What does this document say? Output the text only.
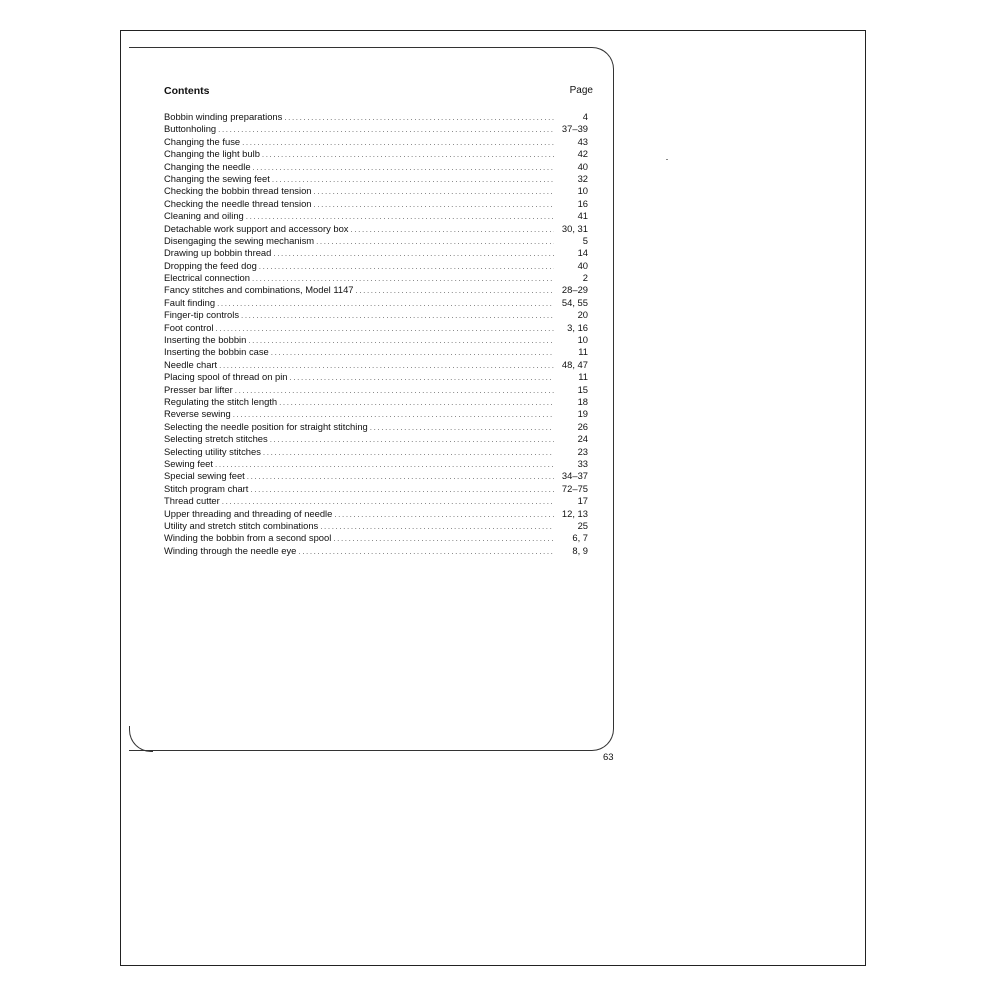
Contents	Page
Bobbin winding preparations .....	4
Buttonholing .....	37–39
Changing the fuse .....	43
Changing the light bulb .....	42
Changing the needle .....	40
Changing the sewing feet .....	32
Checking the bobbin thread tension .....	10
Checking the needle thread tension .....	16
Cleaning and oiling .....	41
Detachable work support and accessory box .....	30, 31
Disengaging the sewing mechanism .....	5
Drawing up bobbin thread .....	14
Dropping the feed dog .....	40
Electrical connection .....	2
Fancy stitches and combinations, Model 1147 .....	28–29
Fault finding .....	54, 55
Finger-tip controls .....	20
Foot control .....	3, 16
Inserting the bobbin .....	10
Inserting the bobbin case .....	11
Needle chart .....	48, 47
Placing spool of thread on pin .....	11
Presser bar lifter .....	15
Regulating the stitch length .....	18
Reverse sewing .....	19
Selecting the needle position for straight stitching .....	26
Selecting stretch stitches .....	24
Selecting utility stitches .....	23
Sewing feet .....	33
Special sewing feet .....	34–37
Stitch program chart .....	72–75
Thread cutter .....	17
Upper threading and threading of needle .....	12, 13
Utility and stretch stitch combinations .....	25
Winding the bobbin from a second spool .....	6, 7
Winding through the needle eye .....	8, 9
63
